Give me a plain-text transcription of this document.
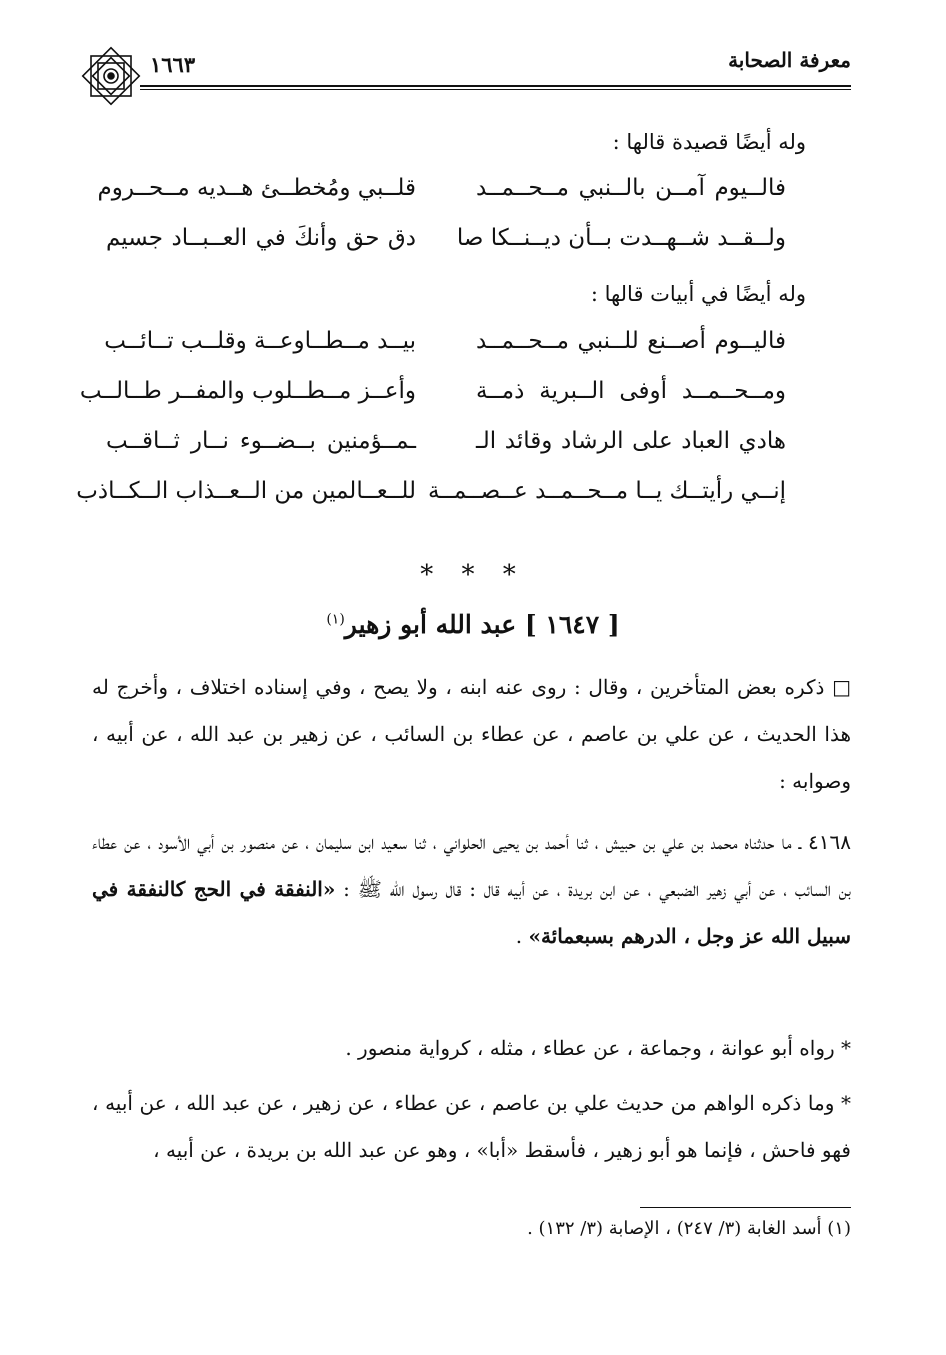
معرفة الصحابة
١٦٦٣
وله أيضًا قصيدة قالها :
فالــيوم آمــن بالــنبي مــحــمــد
قلــبي ومُخطــئ هــديه مــحــروم
ولــقــد شــهــدت بــأن ديــنــكا صا
دق حق وأنكَ في العــبــاد جسيم
وله أيضًا في أبيات قالها :
فاليــوم أصــنع للــنبي مــحــمــد
بيــد مــطــاوعــة وقلــب تــائــب
ومــحــمــد أوفى الــبرية ذمــة
وأعــز مــطــلوب والمفــر طــالــب
هادي العباد على الرشاد وقائد الـ
ـمــؤمنين بــضــوء نــار ثــاقــب
إنــي رأيتــك يــا مــحــمــد عــصــمــة
للــعــالمين من الــعــذاب الــكــاذب
* * *
[ ١٦٤٧ ] عبد الله أبو زهير$^{(١)}$
□ ذكره بعض المتأخرين ، وقال : روى عنه ابنه ، ولا يصح ، وفي إسناده اختلاف ، وأخرج له هذا الحديث ، عن علي بن عاصم ، عن عطاء بن السائب ، عن زهير بن عبد الله ، عن أبيه ، وصوابه :
٤١٦٨ ـ ما حدثناه محمد بن علي بن حبيش ، ثنا أحمد بن يحيى الحلواني ، ثنا سعيد ابن سليمان ، عن منصور بن أبي الأسود ، عن عطاء بن السائب ، عن أبي زهير الضبعي ، عن ابن بريدة ، عن أبيه قال : قال رسول الله ﷺ : «النفقة في الحج كالنفقة في سبيل الله عز وجل ، الدرهم بسبعمائة» .
* رواه أبو عوانة ، وجماعة ، عن عطاء ، مثله ، كرواية منصور .
* وما ذكره الواهم من حديث علي بن عاصم ، عن عطاء ، عن زهير ، عن عبد الله ، عن أبيه ، فهو فاحش ، فإنما هو أبو زهير ، فأسقط «أبا» ، وهو عن عبد الله بن بريدة ، عن أبيه ،
(١) أسد الغابة (٣/ ٢٤٧) ، الإصابة (٣/ ١٣٢) .
